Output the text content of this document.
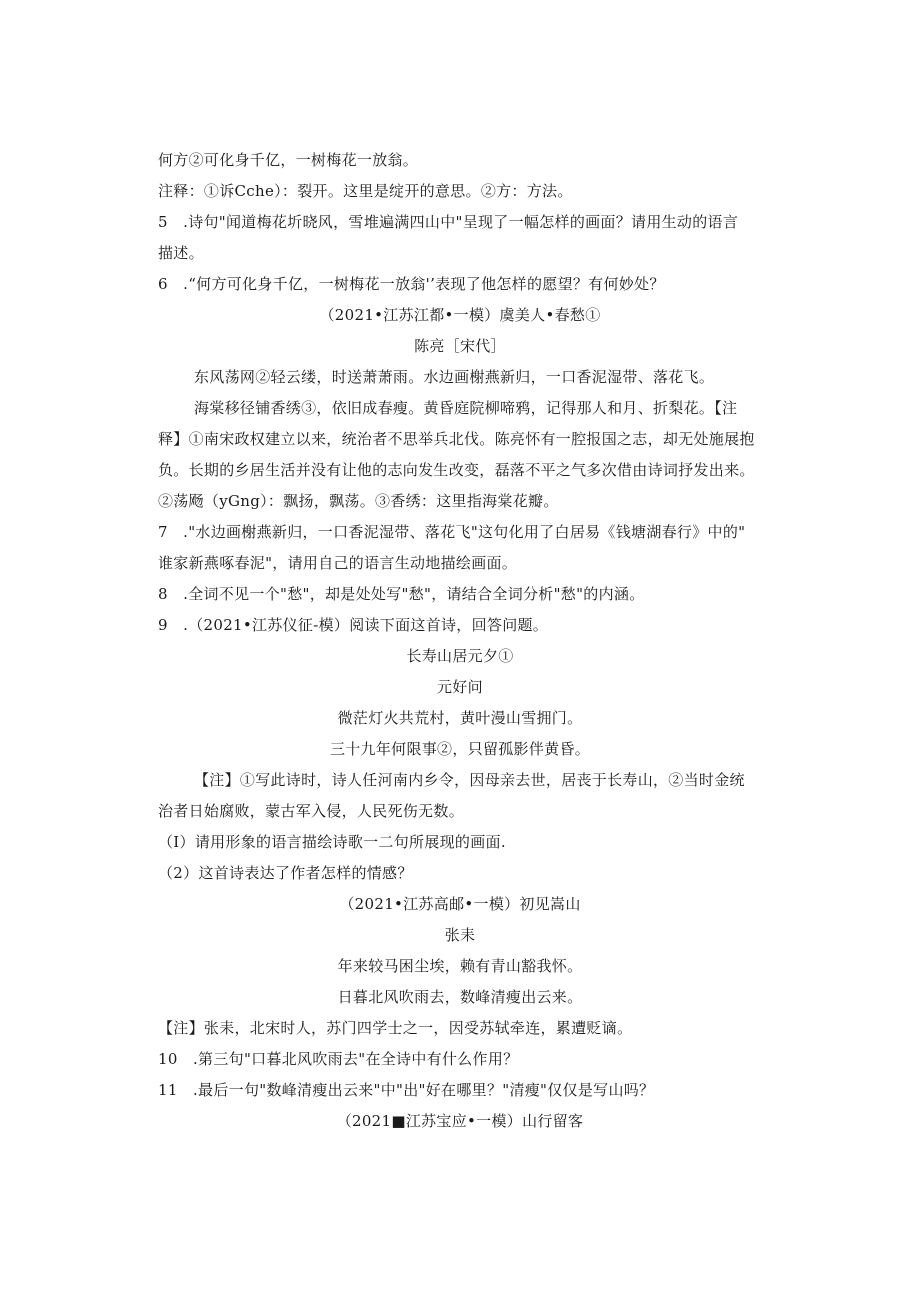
何方②可化身千亿，一树梅花一放翁。
注释：①诉Cche）：裂开。这里是绽开的意思。②方：方法。
5　.诗句"闻道梅花圻晓风，雪堆遍满四山中"呈现了一幅怎样的画面？请用生动的语言
描述。
6　.“何方可化身千亿，一树梅花一放翁'’表现了他怎样的愿望？有何妙处？
（2021•江苏江都•一模）虞美人•春愁①
陈亮［宋代］
东风荡网②轻云缕，时送萧萧雨。水边画榭燕新归，一口香泥湿带、落花飞。
海棠移径铺香绣③，依旧成春瘦。黄昏庭院柳啼鸦，记得那人和月、折梨花。【注
释】①南宋政权建立以来，统治者不思举兵北伐。陈亮怀有一腔报国之志，却无处施展抱
负。长期的乡居生活并没有让他的志向发生改变，磊落不平之气多次借由诗词抒发出来。
②荡飏（yGng）：飘扬，飘荡。③香绣：这里指海棠花瓣。
7　."水边画榭燕新归，一口香泥湿带、落花飞"这句化用了白居易《钱塘湖春行》中的"
谁家新燕啄春泥"，请用自己的语言生动地描绘画面。
8　.全词不见一个"愁"，却是处处写"愁"，请结合全词分析"愁"的内涵。
9　.（2021•江苏仪征-模）阅读下面这首诗，回答问题。
长寿山居元夕①
元好问
微茫灯火共荒村，黄叶漫山雪拥门。
三十九年何限事②，只留孤影伴黄昏。
【注】①写此诗时，诗人任河南内乡令，因母亲去世，居丧于长寿山，②当时金统
治者日始腐败，蒙古军入侵，人民死伤无数。
（I）请用形象的语言描绘诗歌一二句所展现的画面.
（2）这首诗表达了作者怎样的情感？
（2021•江苏高邮•一模）初见嵩山
张耒
年来较马困尘埃，赖有青山豁我怀。
日暮北风吹雨去，数峰清瘦出云来。
【注】张耒，北宋时人，苏门四学士之一，因受苏轼牵连，累遭贬谪。
10　.第三句"口暮北风吹雨去"在全诗中有什么作用？
11　.最后一句"数峰清瘦出云来"中"出"好在哪里？"清瘦"仅仅是写山吗？
（2021■江苏宝应•一模）山行留客
